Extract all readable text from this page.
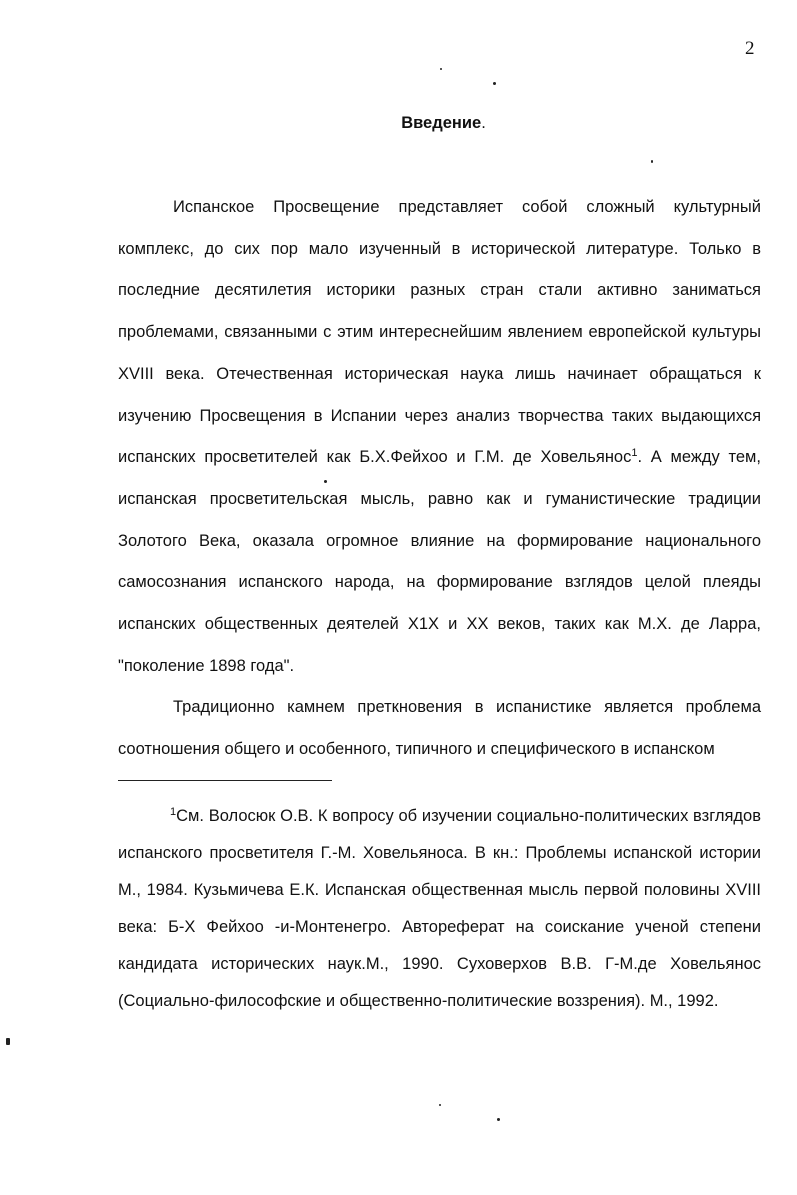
2
Введение.

Испанское Просвещение представляет собой сложный культурный комплекс, до сих пор мало изученный в исторической литературе. Только в последние десятилетия историки разных стран стали активно заниматься проблемами, связанными с этим интереснейшим явлением европейской культуры XVIII века. Отечественная историческая наука лишь начинает обращаться к изучению Просвещения в Испании через анализ творчества таких выдающихся испанских просветителей как Б.Х.Фейхоо и Г.М. де Ховельянос$^1$. А между тем, испанская просветительская мысль, равно как и гуманистические традиции Золотого Века, оказала огромное влияние на формирование национального самосознания испанского народа, на формирование взглядов целой плеяды испанских общественных деятелей Х1Х и ХХ веков, таких как М.Х. де Ларра, "поколение 1898 года".

Традиционно камнем преткновения в испанистике является проблема соотношения общего и особенного, типичного и специфического в испанском

$^1$См. Волосюк О.В. К вопросу об изучении социально-политических взглядов испанского просветителя Г.-М. Ховельяноса. В кн.: Проблемы испанской истории М., 1984. Кузьмичева Е.К. Испанская общественная мысль первой половины XVIII века: Б-Х Фейхоо -и-Монтенегро. Автореферат на соискание ученой степени кандидата исторических наук.М., 1990. Суховерхов В.В. Г-М.де Ховельянос (Социально-философские и общественно-политические воззрения). М., 1992.
